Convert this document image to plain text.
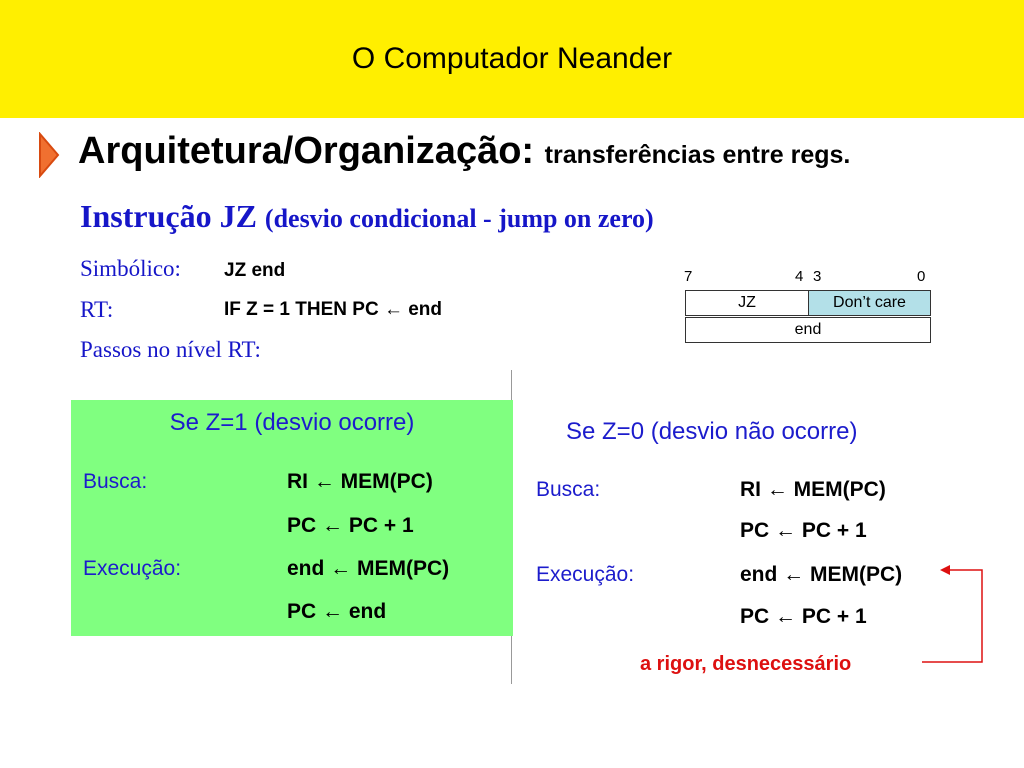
O Computador Neander
Arquitetura/Organização: transferências entre regs.
Instrução JZ (desvio condicional - jump on zero)
Simbólico: JZ end
RT:	IF Z = 1 THEN PC ← end
Passos no nível RT:
7	4 3	0
JZ	Don’t care
end
Se Z=1 (desvio ocorre)
Busca:	RI ← MEM(PC)
PC ← PC + 1
Execução:	end ← MEM(PC)
PC ← end
Se Z=0 (desvio não ocorre)
Busca:	RI ← MEM(PC)
PC ← PC + 1
Execução:	end ← MEM(PC)
PC ← PC + 1
a rigor, desnecessário
